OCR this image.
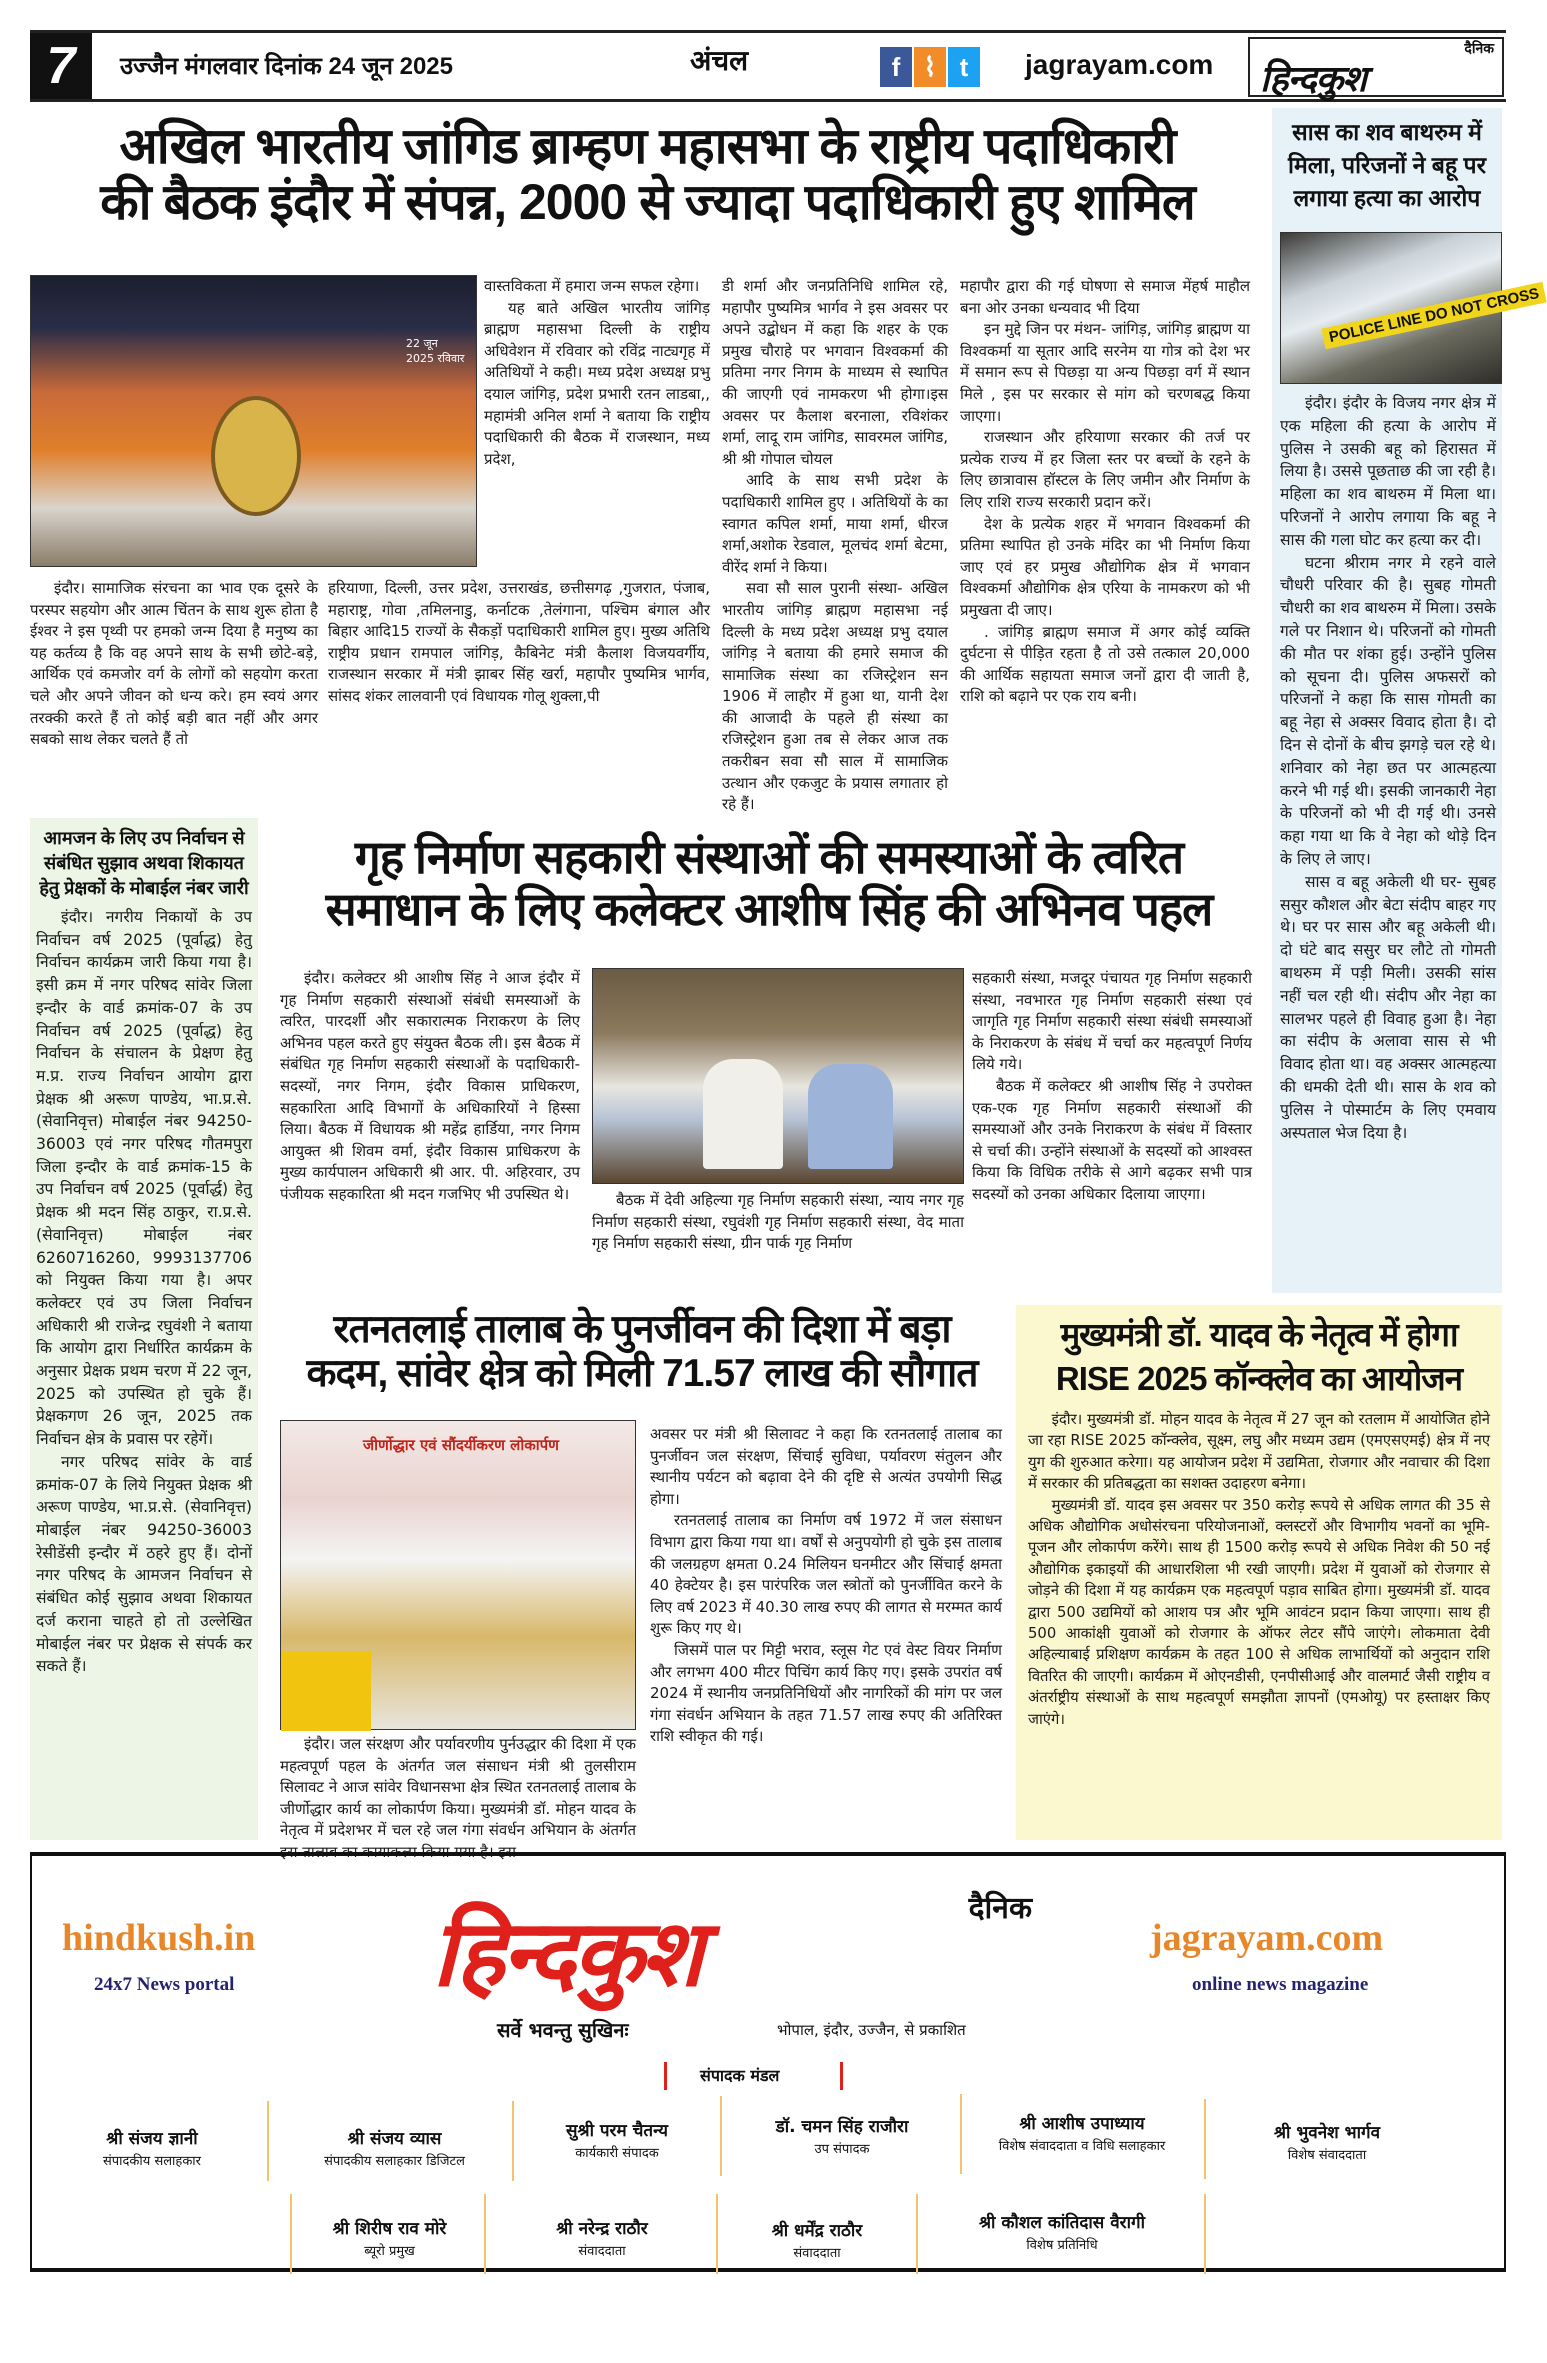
7	उज्जैन मंगलवार दिनांक 24 जून 2025	अंचल	f ⌇ t	jagrayam.com	दैनिक
हिन्दकुश
अखिल भारतीय जांगिड ब्राम्हण महासभा के राष्ट्रीय पदाधिकारी
की बैठक इंदौर में संपन्न, 2000 से ज्यादा पदाधिकारी हुए शामिल
22 जून 2025 रविवार

इंदौर। सामाजिक संरचना का भाव एक दूसरे के परस्पर सहयोग और आत्म चिंतन के साथ शुरू होता है ईश्वर ने इस पृथ्वी पर हमको जन्म दिया है मनुष्य का यह कर्तव्य है कि वह अपने साथ के सभी छोटे-बड़े, आर्थिक एवं कमजोर वर्ग के लोगों को सहयोग करता चले और अपने जीवन को धन्य करे। हम स्वयं अगर तरक्की करते हैं तो कोई बड़ी बात नहीं और अगर सबको साथ लेकर चलते हैं तो

वास्तविकता में हमारा जन्म सफल रहेगा।

यह बाते अखिल भारतीय जांगिड़ ब्राह्मण महासभा दिल्ली के राष्ट्रीय अधिवेशन में रविवार को रविंद्र नाट्यगृह में अतिथियों ने कही। मध्य प्रदेश अध्यक्ष प्रभु दयाल जांगिड़, प्रदेश प्रभारी रतन लाडबा,, महामंत्री अनिल शर्मा ने बताया कि राष्ट्रीय पदाधिकारी की बैठक में राजस्थान, मध्य प्रदेश,

हरियाणा, दिल्ली, उत्तर प्रदेश, उत्तराखंड, छत्तीसगढ़ ,गुजरात, पंजाब, महाराष्ट्र, गोवा ,तमिलनाडु, कर्नाटक ,तेलंगाना, पश्चिम बंगाल और बिहार आदि15 राज्यों के सैकड़ों पदाधिकारी शामिल हुए। मुख्य अतिथि राष्ट्रीय प्रधान रामपाल जांगिड़, कैबिनेट मंत्री कैलाश विजयवर्गीय, राजस्थान सरकार में मंत्री झाबर सिंह खर्रा, महापौर पुष्यमित्र भार्गव, सांसद शंकर लालवानी एवं विधायक गोलू शुक्ला,पी

डी शर्मा और जनप्रतिनिधि शामिल रहे, महापौर पुष्यमित्र भार्गव ने इस अवसर पर अपने उद्बोधन में कहा कि शहर के एक प्रमुख चौराहे पर भगवान विश्वकर्मा की प्रतिमा नगर निगम के माध्यम से स्थापित की जाएगी एवं नामकरण भी होगा।इस अवसर पर कैलाश बरनाला, रविशंकर शर्मा, लादू राम जांगिड, सावरमल जांगिड, श्री श्री गोपाल चोयल

आदि के साथ सभी प्रदेश के पदाधिकारी शामिल हुए । अतिथियों के का स्वागत कपिल शर्मा, माया शर्मा, धीरज शर्मा,अशोक रेडवाल, मूलचंद शर्मा बेटमा, वीरेंद शर्मा ने किया।

सवा सौ साल पुरानी संस्था- अखिल भारतीय जांगिड़ ब्राह्मण महासभा नई दिल्ली के मध्य प्रदेश अध्यक्ष प्रभु दयाल जांगिड़ ने बताया की हमारे समाज की सामाजिक संस्था का रजिस्ट्रेशन सन 1906 में लाहौर में हुआ था, यानी देश की आजादी के पहले ही संस्था का रजिस्ट्रेशन हुआ तब से लेकर आज तक तकरीबन सवा सौ साल में सामाजिक उत्थान और एकजुट के प्रयास लगातार हो रहे हैं।

महापौर द्वारा की गई घोषणा से समाज मेंहर्ष माहौल बना ओर उनका धन्यवाद भी दिया

इन मुद्दे जिन पर मंथन- जांगिड़, जांगिड़ ब्राह्मण या विश्वकर्मा या सूतार आदि सरनेम या गोत्र को देश भर में समान रूप से पिछड़ा या अन्य पिछड़ा वर्ग में स्थान मिले , इस पर सरकार से मांग को चरणबद्ध किया जाएगा।

राजस्थान और हरियाणा सरकार की तर्ज पर प्रत्येक राज्य में हर जिला स्तर पर बच्चों के रहने के लिए छात्रावास हॉस्टल के लिए जमीन और निर्माण के लिए राशि राज्य सरकारी प्रदान करें।

देश के प्रत्येक शहर में भगवान विश्वकर्मा की प्रतिमा स्थापित हो उनके मंदिर का भी निर्माण किया जाए एवं हर प्रमुख औद्योगिक क्षेत्र में भगवान विश्वकर्मा औद्योगिक क्षेत्र एरिया के नामकरण को भी प्रमुखता दी जाए।

. जांगिड़ ब्राह्मण समाज में अगर कोई व्यक्ति दुर्घटना से पीड़ित रहता है तो उसे तत्काल 20,000 की आर्थिक सहायता समाज जनों द्वारा दी जाती है, राशि को बढ़ाने पर एक राय बनी।

सास का शव बाथरुम में मिला, परिजनों ने बहू पर लगाया हत्या का आरोप
POLICE LINE DO NOT CROSS

इंदौर। इंदौर के विजय नगर क्षेत्र में एक महिला की हत्या के आरोप में पुलिस ने उसकी बहू को हिरासत में लिया है। उससे पूछताछ की जा रही है। महिला का शव बाथरुम में मिला था। परिजनों ने आरोप लगाया कि बहू ने सास की गला घोट कर हत्या कर दी।

घटना श्रीराम नगर मे रहने वाले चौधरी परिवार की है। सुबह गोमती चौधरी का शव बाथरुम में मिला। उसके गले पर निशान थे। परिजनों को गोमती की मौत पर शंका हुई। उन्होंने पुलिस को सूचना दी। पुलिस अफसरों को परिजनों ने कहा कि सास गोमती का बहू नेहा से अक्सर विवाद होता है। दो दिन से दोनों के बीच झगड़े चल रहे थे। शनिवार को नेहा छत पर आत्महत्या करने भी गई थी। इसकी जानकारी नेहा के परिजनों को भी दी गई थी। उनसे कहा गया था कि वे नेहा को थोड़े दिन के लिए ले जाए।

सास व बहू अकेली थी घर- सुबह ससुर कौशल और बेटा संदीप बाहर गए थे। घर पर सास और बहू अकेली थी। दो घंटे बाद ससुर घर लौटे तो गोमती बाथरुम में पड़ी मिली। उसकी सांस नहीं चल रही थी। संदीप और नेहा का सालभर पहले ही विवाह हुआ है। नेहा का संदीप के अलावा सास से भी विवाद होता था। वह अक्सर आत्महत्या की धमकी देती थी। सास के शव को पुलिस ने पोस्मार्टम के लिए एमवाय अस्पताल भेज दिया है।

आमजन के लिए उप निर्वाचन से संबंधित सुझाव अथवा शिकायत हेतु प्रेक्षकों के मोबाईल नंबर जारी

इंदौर। नगरीय निकायों के उप निर्वाचन वर्ष 2025 (पूर्वाद्ध) हेतु निर्वाचन कार्यक्रम जारी किया गया है। इसी क्रम में नगर परिषद सांवेर जिला इन्दौर के वार्ड क्रमांक-07 के उप निर्वाचन वर्ष 2025 (पूर्वाद्ध) हेतु निर्वाचन के संचालन के प्रेक्षण हेतु म.प्र. राज्य निर्वाचन आयोग द्वारा प्रेक्षक श्री अरूण पाण्डेय, भा.प्र.से. (सेवानिवृत्त) मोबाईल नंबर 94250-36003 एवं नगर परिषद गौतमपुरा जिला इन्दौर के वार्ड क्रमांक-15 के उप निर्वाचन वर्ष 2025 (पूर्वार्द्ध) हेतु प्रेक्षक श्री मदन सिंह ठाकुर, रा.प्र.से. (सेवानिवृत्त) मोबाईल नंबर 6260716260, 9993137706 को नियुक्त किया गया है। अपर कलेक्टर एवं उप जिला निर्वाचन अधिकारी श्री राजेन्द्र रघुवंशी ने बताया कि आयोग द्वारा निर्धारित कार्यक्रम के अनुसार प्रेक्षक प्रथम चरण में 22 जून, 2025 को उपस्थित हो चुके हैं। प्रेक्षकगण 26 जून, 2025 तक निर्वाचन क्षेत्र के प्रवास पर रहेगें।

नगर परिषद सांवेर के वार्ड क्रमांक-07 के लिये नियुक्त प्रेक्षक श्री अरूण पाण्डेय, भा.प्र.से. (सेवानिवृत्त) मोबाईल नंबर 94250-36003 रेसीडेंसी इन्दौर में ठहरे हुए हैं। दोनों नगर परिषद के आमजन निर्वाचन से संबंधित कोई सुझाव अथवा शिकायत दर्ज कराना चाहते हो तो उल्लेखित मोबाईल नंबर पर प्रेक्षक से संपर्क कर सकते हैं।

गृह निर्माण सहकारी संस्थाओं की समस्याओं के त्वरित
समाधान के लिए कलेक्टर आशीष सिंह की अभिनव पहल

इंदौर। कलेक्टर श्री आशीष सिंह ने आज इंदौर में गृह निर्माण सहकारी संस्थाओं संबंधी समस्याओं के त्वरित, पारदर्शी और सकारात्मक निराकरण के लिए अभिनव पहल करते हुए संयुक्त बैठक ली। इस बैठक में संबंधित गृह निर्माण सहकारी संस्थाओं के पदाधिकारी- सदस्यों, नगर निगम, इंदौर विकास प्राधिकरण, सहकारिता आदि विभागों के अधिकारियों ने हिस्सा लिया। बैठक में विधायक श्री महेंद्र हार्डिया, नगर निगम आयुक्त श्री शिवम वर्मा, इंदौर विकास प्राधिकरण के मुख्य कार्यपालन अधिकारी श्री आर. पी. अहिरवार, उप पंजीयक सहकारिता श्री मदन गजभिए भी उपस्थित थे।	बैठक में देवी अहिल्या गृह निर्माण सहकारी संस्था, न्याय नगर गृह निर्माण सहकारी संस्था, रघुवंशी गृह निर्माण सहकारी संस्था, वेद माता गृह निर्माण सहकारी संस्था, ग्रीन पार्क गृह निर्माण

सहकारी संस्था, मजदूर पंचायत गृह निर्माण सहकारी संस्था, नवभारत गृह निर्माण सहकारी संस्था एवं जागृति गृह निर्माण सहकारी संस्था संबंधी समस्याओं के निराकरण के संबंध में चर्चा कर महत्वपूर्ण निर्णय लिये गये।

बैठक में कलेक्टर श्री आशीष सिंह ने उपरोक्त एक-एक गृह निर्माण सहकारी संस्थाओं की समस्याओं और उनके निराकरण के संबंध में विस्तार से चर्चा की। उन्होंने संस्थाओं के सदस्यों को आश्वस्त किया कि विधिक तरीके से आगे बढ़कर सभी पात्र सदस्यों को उनका अधिकार दिलाया जाएगा।

रतनतलाई तालाब के पुनर्जीवन की दिशा में बड़ा
कदम, सांवेर क्षेत्र को मिली 71.57 लाख की सौगात
जीर्णोद्धार एवं सौंदर्यीकरण लोकार्पण

इंदौर। जल संरक्षण और पर्यावरणीय पुर्नउद्धार की दिशा में एक महत्वपूर्ण पहल के अंतर्गत जल संसाधन मंत्री श्री तुलसीराम सिलावट ने आज सांवेर विधानसभा क्षेत्र स्थित रतनतलाई तालाब के जीर्णोद्धार कार्य का लोकार्पण किया। मुख्यमंत्री डॉ. मोहन यादव के नेतृत्व में प्रदेशभर में चल रहे जल गंगा संवर्धन अभियान के अंतर्गत इस तालाब का कायाकल्प किया गया है। इस

अवसर पर मंत्री श्री सिलावट ने कहा कि रतनतलाई तालाब का पुनर्जीवन जल संरक्षण, सिंचाई सुविधा, पर्यावरण संतुलन और स्थानीय पर्यटन को बढ़ावा देने की दृष्टि से अत्यंत उपयोगी सिद्ध होगा।

रतनतलाई तालाब का निर्माण वर्ष 1972 में जल संसाधन विभाग द्वारा किया गया था। वर्षों से अनुपयोगी हो चुके इस तालाब की जलग्रहण क्षमता 0.24 मिलियन घनमीटर और सिंचाई क्षमता 40 हेक्टेयर है। इस पारंपरिक जल स्त्रोतों को पुनर्जीवित करने के लिए वर्ष 2023 में 40.30 लाख रुपए की लागत से मरम्मत कार्य शुरू किए गए थे।

जिसमें पाल पर मिट्टी भराव, स्लूस गेट एवं वेस्ट वियर निर्माण और लगभग 400 मीटर पिचिंग कार्य किए गए। इसके उपरांत वर्ष 2024 में स्थानीय जनप्रतिनिधियों और नागरिकों की मांग पर जल गंगा संवर्धन अभियान के तहत 71.57 लाख रुपए की अतिरिक्त राशि स्वीकृत की गई।

मुख्यमंत्री डॉ. यादव के नेतृत्व में होगा
RISE 2025 कॉन्क्लेव का आयोजन

इंदौर। मुख्यमंत्री डॉ. मोहन यादव के नेतृत्व में 27 जून को रतलाम में आयोजित होने जा रहा RISE 2025 कॉन्क्लेव, सूक्ष्म, लघु और मध्यम उद्यम (एमएसएमई) क्षेत्र में नए युग की शुरुआत करेगा। यह आयोजन प्रदेश में उद्यमिता, रोजगार और नवाचार की दिशा में सरकार की प्रतिबद्धता का सशक्त उदाहरण बनेगा।

मुख्यमंत्री डॉ. यादव इस अवसर पर 350 करोड़ रूपये से अधिक लागत की 35 से अधिक औद्योगिक अधोसंरचना परियोजनाओं, क्लस्टरों और विभागीय भवनों का भूमि-पूजन और लोकार्पण करेंगे। साथ ही 1500 करोड़ रूपये से अधिक निवेश की 50 नई औद्योगिक इकाइयों की आधारशिला भी रखी जाएगी। प्रदेश में युवाओं को रोजगार से जोड़ने की दिशा में यह कार्यक्रम एक महत्वपूर्ण पड़ाव साबित होगा। मुख्यमंत्री डॉ. यादव द्वारा 500 उद्यमियों को आशय पत्र और भूमि आवंटन प्रदान किया जाएगा। साथ ही 500 आकांक्षी युवाओं को रोजगार के ऑफर लेटर सौंपे जाएंगे। लोकमाता देवी अहिल्याबाई प्रशिक्षण कार्यक्रम के तहत 100 से अधिक लाभार्थियों को अनुदान राशि वितरित की जाएगी। कार्यक्रम में ओएनडीसी, एनपीसीआई और वालमार्ट जैसी राष्ट्रीय व अंतर्राष्ट्रीय संस्थाओं के साथ महत्वपूर्ण समझौता ज्ञापनों (एमओयू) पर हस्ताक्षर किए जाएंगे।

hindkush.in
24x7 News portal
दैनिक
हिन्दकुश	jagrayam.com
online news magazine
सर्वे भवन्तु सुखिनः	भोपाल, इंदौर, उज्जैन, से प्रकाशित
संपादक मंडल
श्री संजय ज्ञानी
संपादकीय सलाहकार
श्री संजय व्यास
संपादकीय सलाहकार डिजिटल
सुश्री परम चैतन्य
कार्यकारी संपादक
डॉ. चमन सिंह राजौरा
उप संपादक
श्री आशीष उपाध्याय
विशेष संवाददाता व विधि सलाहकार
श्री भुवनेश भार्गव
विशेष संवाददाता
श्री शिरीष राव मोरे
ब्यूरो प्रमुख
श्री नरेन्द्र राठौर
संवाददाता
श्री धर्मेंद्र राठौर
संवाददाता
श्री कौशल कांतिदास वैरागी
विशेष प्रतिनिधि
